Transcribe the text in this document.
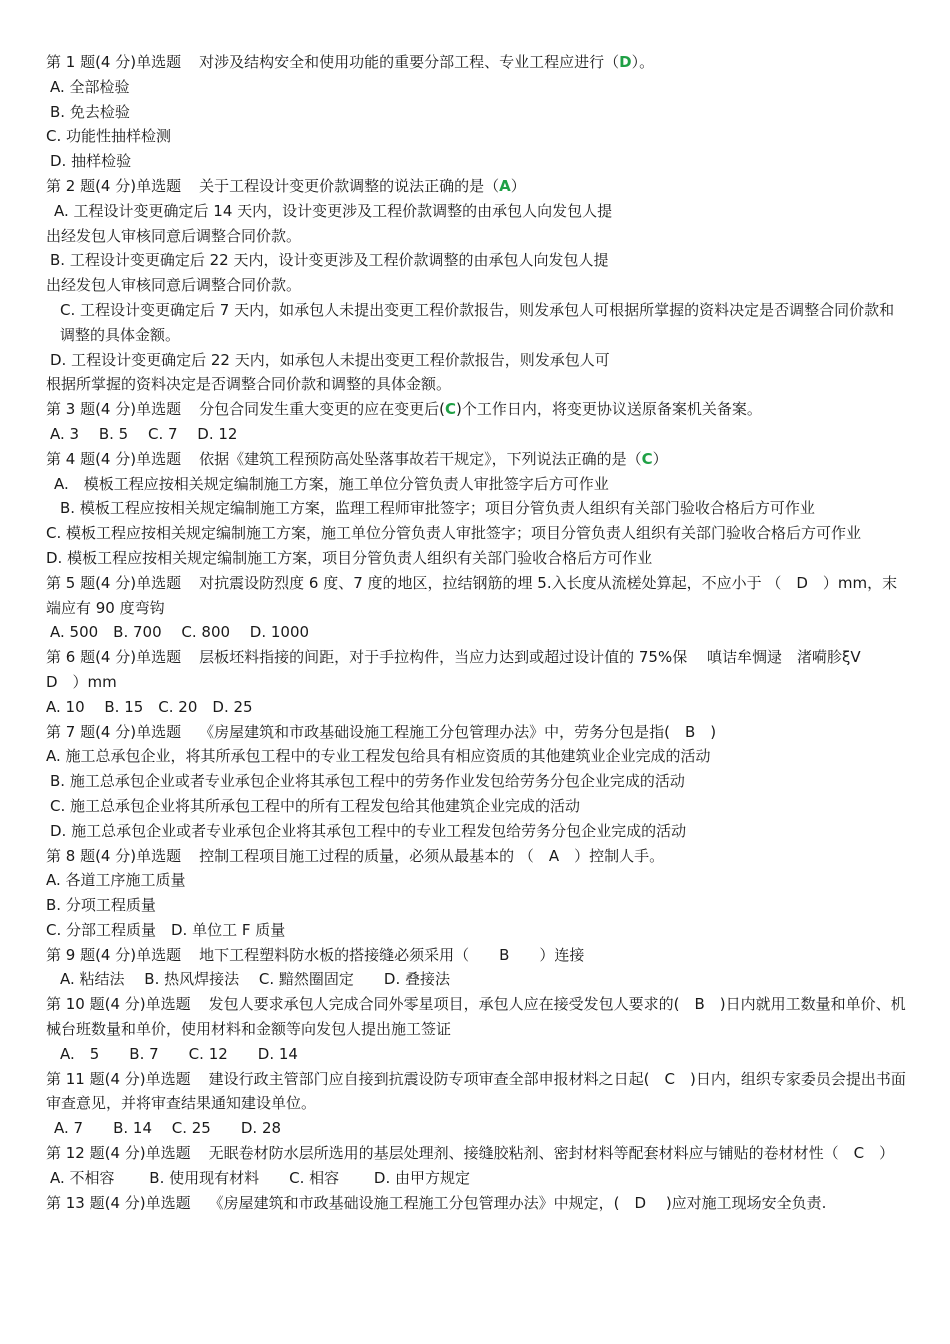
第 1 题(4 分)单选题 对涉及结构安全和使用功能的重要分部工程、专业工程应进行（D）。
A. 全部检验
B. 免去检验
C. 功能性抽样检测
D. 抽样检验
第 2 题(4 分)单选题 关于工程设计变更价款调整的说法正确的是（A）
A. 工程设计变更确定后 14 天内，设计变更涉及工程价款调整的由承包人向发包人提
出经发包人审核同意后调整合同价款。
B. 工程设计变更确定后 22 天内，设计变更涉及工程价款调整的由承包人向发包人提
出经发包人审核同意后调整合同价款。
C. 工程设计变更确定后 7 天内，如承包人未提出变更工程价款报告，则发承包人可根据所掌握的资料决定是否调整合同价款和调整的具体金额。
D. 工程设计变更确定后 22 天内，如承包人未提出变更工程价款报告，则发承包人可
根据所掌握的资料决定是否调整合同价款和调整的具体金额。
第 3 题(4 分)单选题 分包合同发生重大变更的应在变更后(C)个工作日内，将变更协议送原备案机关备案。
A. 3　 B. 5　 C. 7　 D. 12
第 4 题(4 分)单选题 依据《建筑工程预防高处坠落事故若干规定》，下列说法正确的是（C）
A.　模板工程应按相关规定编制施工方案，施工单位分管负责人审批签字后方可作业
B. 模板工程应按相关规定编制施工方案，监理工程师审批签字；项目分管负责人组织有关部门验收合格后方可作业
C. 模板工程应按相关规定编制施工方案，施工单位分管负责人审批签字；项目分管负责人组织有关部门验收合格后方可作业
D. 模板工程应按相关规定编制施工方案，项目分管负责人组织有关部门验收合格后方可作业
第 5 题(4 分)单选题 对抗震设防烈度 6 度、7 度的地区，拉结钢筋的埋 5.入长度从流槎处算起，不应小于 （　D　）mm，末端应有 90 度弯钩
A. 500　B. 700　 C. 800　 D. 1000
第 6 题(4 分)单选题 层板坯料指接的间距，对于手拉构件，当应力达到或超过设计值的 75%保　 嗔诘牟惆逯　渚嗬胗ξV　D　）mm
A. 10　 B. 15　C. 20　D. 25
第 7 题(4 分)单选题 《房屋建筑和市政基础设施工程施工分包管理办法》中，劳务分包是指(　B　)
A. 施工总承包企业，将其所承包工程中的专业工程发包给具有相应资质的其他建筑业企业完成的活动
B. 施工总承包企业或者专业承包企业将其承包工程中的劳务作业发包给劳务分包企业完成的活动
C. 施工总承包企业将其所承包工程中的所有工程发包给其他建筑企业完成的活动
D. 施工总承包企业或者专业承包企业将其承包工程中的专业工程发包给劳务分包企业完成的活动
第 8 题(4 分)单选题 控制工程项目施工过程的质量，必须从最基本的 （　A　）控制人手。
A. 各道工序施工质量
B. 分项工程质量
C. 分部工程质量　D. 单位工 F 质量
第 9 题(4 分)单选题 地下工程塑料防水板的搭接缝必须采用（　　B　　）连接
A. 粘结法　 B. 热风焊接法　 C. 黯然圈固定　　D. 叠接法
第 10 题(4 分)单选题 发包人要求承包人完成合同外零星项目，承包人应在接受发包人要求的(　B　)日内就用工数量和单价、机械台班数量和单价，使用材料和金额等向发包人提出施工签证
A.　5　　B. 7　　C. 12　　D. 14
第 11 题(4 分)单选题 建设行政主管部门应自接到抗震设防专项审查全部申报材料之日起(　C　)日内，组织专家委员会提出书面审查意见，并将审查结果通知建设单位。
A. 7　　B. 14　 C. 25　　D. 28
第 12 题(4 分)单选题 无眠卷材防水层所选用的基层处理剂、接缝胶粘剂、密封材料等配套材料应与铺贴的卷材材性（　C　）
A. 不相容　　 B. 使用现有材料　　C. 相容　　 D. 由甲方规定
第 13 题(4 分)单选题 《房屋建筑和市政基础设施工程施工分包管理办法》中规定，(　D　 )应对施工现场安全负责.
